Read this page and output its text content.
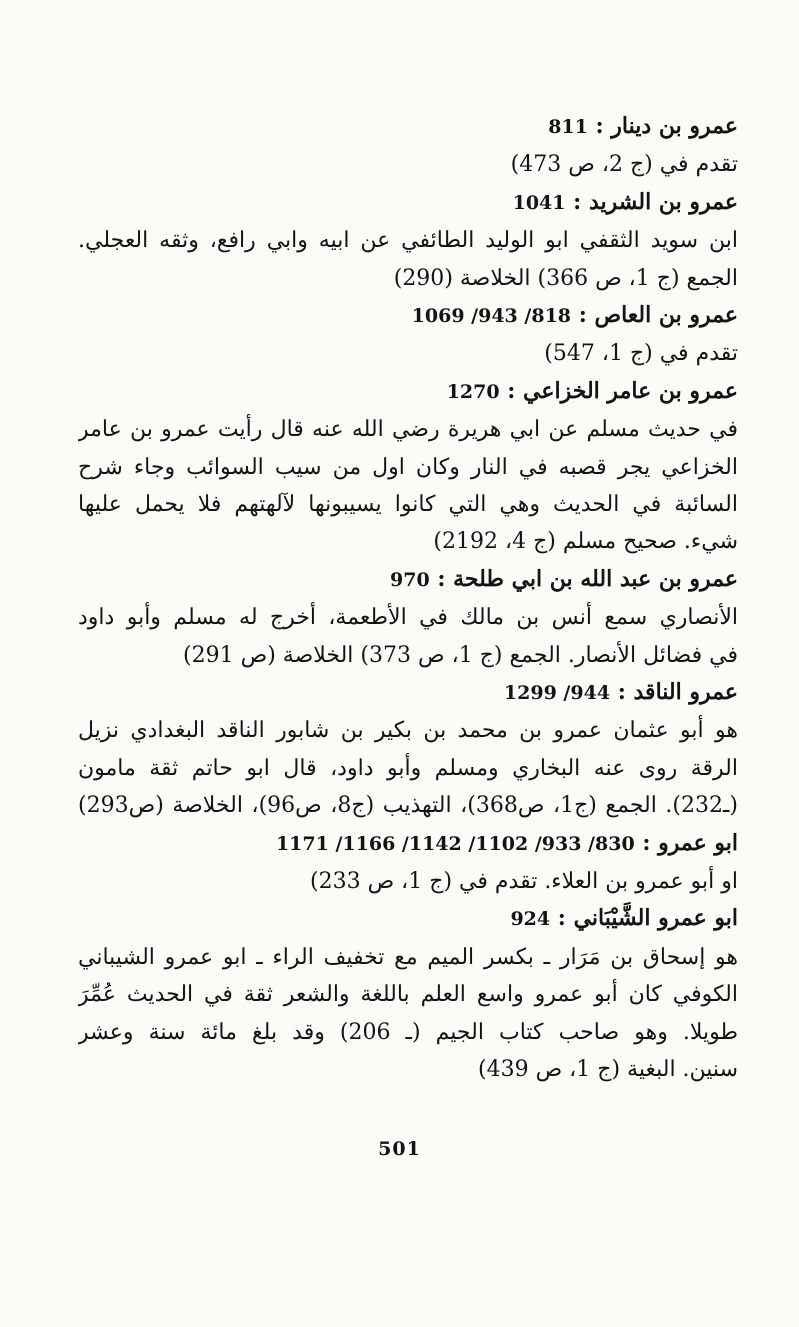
عمرو بن دينار : 811
تقدم في (ج 2، ص 473)
عمرو بن الشريد : 1041
ابن سويد الثقفي ابو الوليد الطائفي عن ابيه وابي رافع، وثقه العجلي.
الجمع (ج 1، ص 366) الخلاصة (290)
عمرو بن العاص : 818/ 943/ 1069
تقدم في (ج 1، 547)
عمرو بن عامر الخزاعي : 1270
في حديث مسلم عن ابي هريرة رضي الله عنه قال رأيت عمرو بن عامر
الخزاعي يجر قصبه في النار وكان اول من سيب السوائب وجاء شرح
السائبة في الحديث وهي التي كانوا يسيبونها لآلهتهم فلا يحمل عليها
شيء. صحيح مسلم (ج 4، 2192)
عمرو بن عبد الله بن ابي طلحة : 970
الأنصاري سمع أنس بن مالك في الأطعمة، أخرج له مسلم وأبو داود
في فضائل الأنصار. الجمع (ج 1، ص 373) الخلاصة (ص 291)
عمرو الناقد : 944/ 1299
هو أبو عثمان عمرو بن محمد بن بكير بن شابور الناقد البغدادي نزيل
الرقة روى عنه البخاري ومسلم وأبو داود، قال ابو حاتم ثقة مامون
(ـ232). الجمع (ج1، ص368)، التهذيب (ج8، ص96)، الخلاصة (ص293)
ابو عمرو : 830/ 933/ 1102/ 1142/ 1166/ 1171
او أبو عمرو بن العلاء. تقدم في (ج 1، ص 233)
ابو عمرو الشَّيْبَاني : 924
هو إسحاق بن مَرَار ـ بكسر الميم مع تخفيف الراء ـ ابو عمرو الشيباني
الكوفي كان أبو عمرو واسع العلم باللغة والشعر ثقة في الحديث عُمِّرَ
طويلا. وهو صاحب كتاب الجيم (ـ 206) وقد بلغ مائة سنة وعشر
سنين. البغية (ج 1، ص 439)
501
